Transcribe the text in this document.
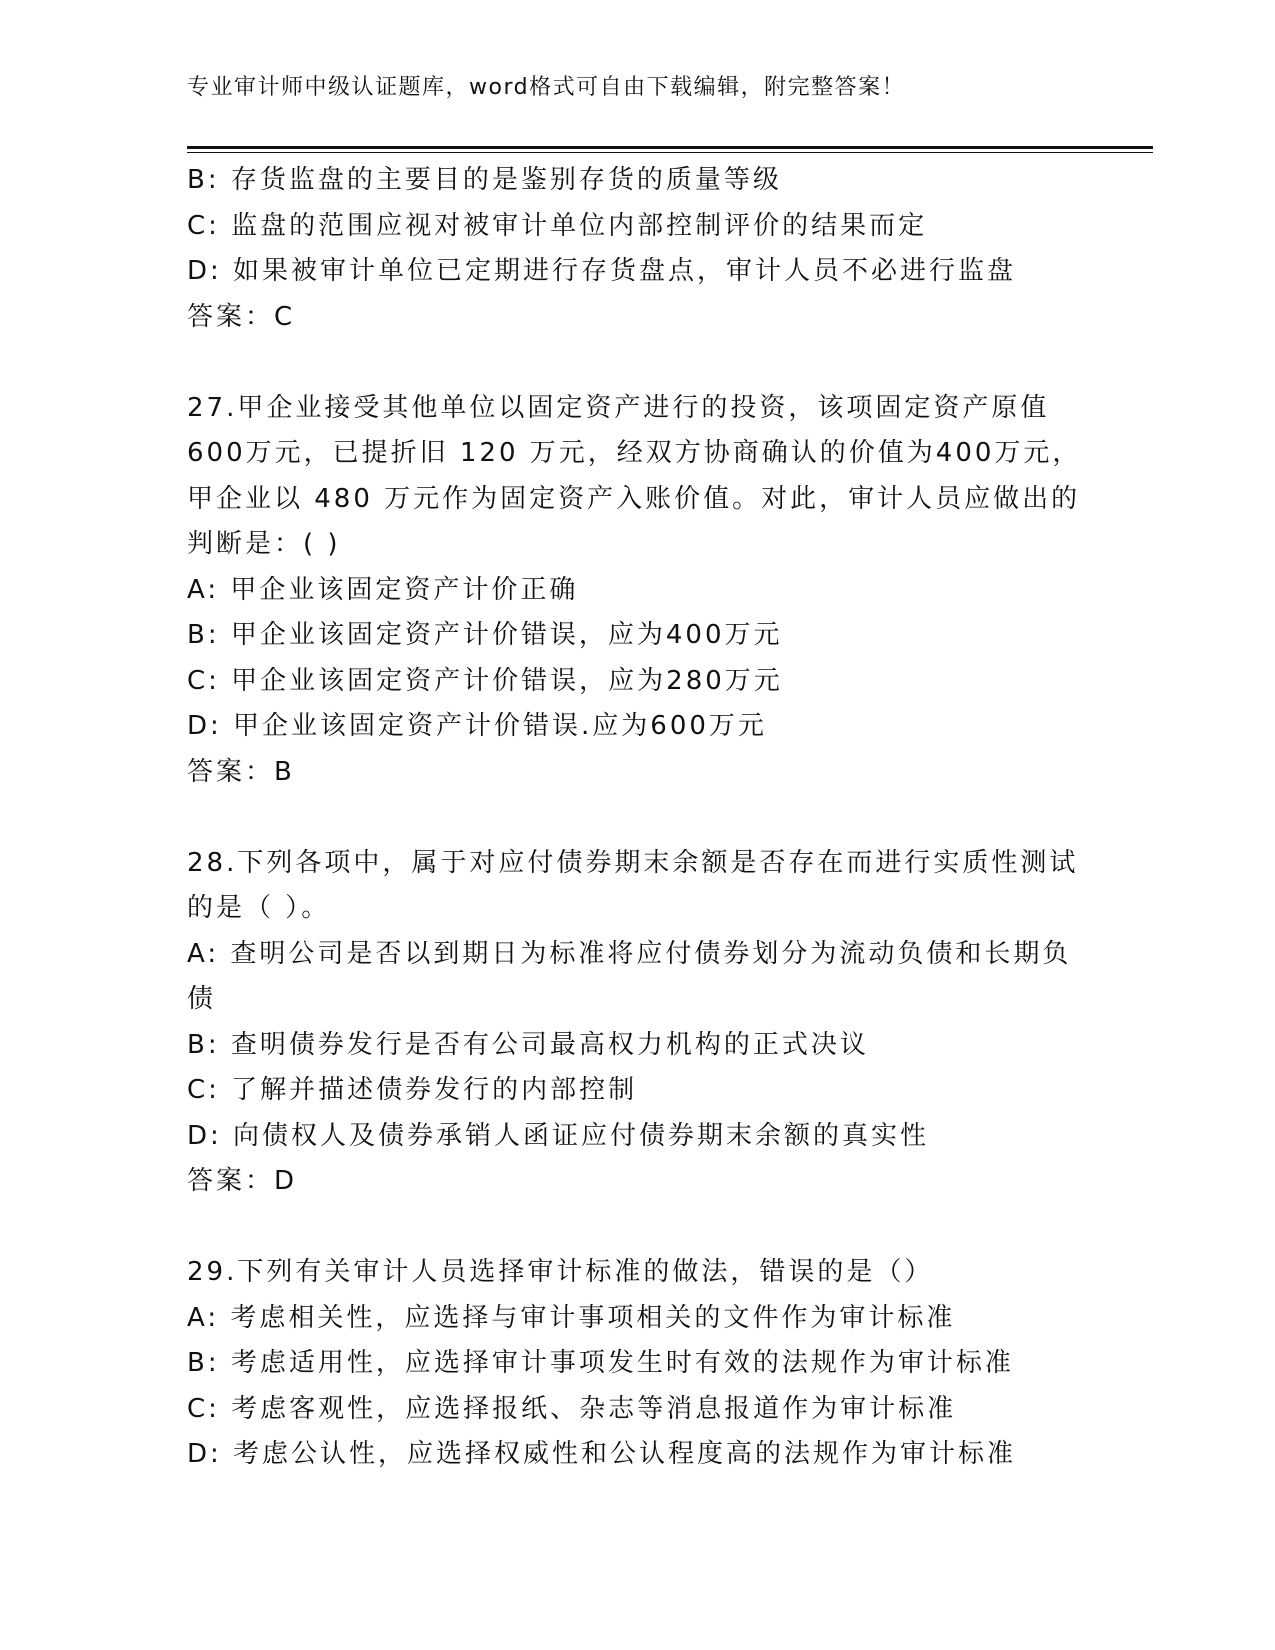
专业审计师中级认证题库，word格式可自由下载编辑，附完整答案！
B: 存货监盘的主要目的是鉴别存货的质量等级
C: 监盘的范围应视对被审计单位内部控制评价的结果而定
D: 如果被审计单位已定期进行存货盘点，审计人员不必进行监盘
答案：C
27.甲企业接受其他单位以固定资产进行的投资，该项固定资产原值
600万元，已提折旧 120 万元，经双方协商确认的价值为400万元，
甲企业以 480 万元作为固定资产入账价值。对此，审计人员应做出的
判断是：( )
A: 甲企业该固定资产计价正确
B: 甲企业该固定资产计价错误，应为400万元
C: 甲企业该固定资产计价错误，应为280万元
D: 甲企业该固定资产计价错误.应为600万元
答案：B
28.下列各项中，属于对应付债券期末余额是否存在而进行实质性测试
的是（ ）。
A: 查明公司是否以到期日为标准将应付债券划分为流动负债和长期负
债
B: 查明债券发行是否有公司最高权力机构的正式决议
C: 了解并描述债券发行的内部控制
D: 向债权人及债券承销人函证应付债券期末余额的真实性
答案：D
29.下列有关审计人员选择审计标准的做法，错误的是（）
A: 考虑相关性，应选择与审计事项相关的文件作为审计标准
B: 考虑适用性，应选择审计事项发生时有效的法规作为审计标准
C: 考虑客观性，应选择报纸、杂志等消息报道作为审计标准
D: 考虑公认性，应选择权威性和公认程度高的法规作为审计标准
